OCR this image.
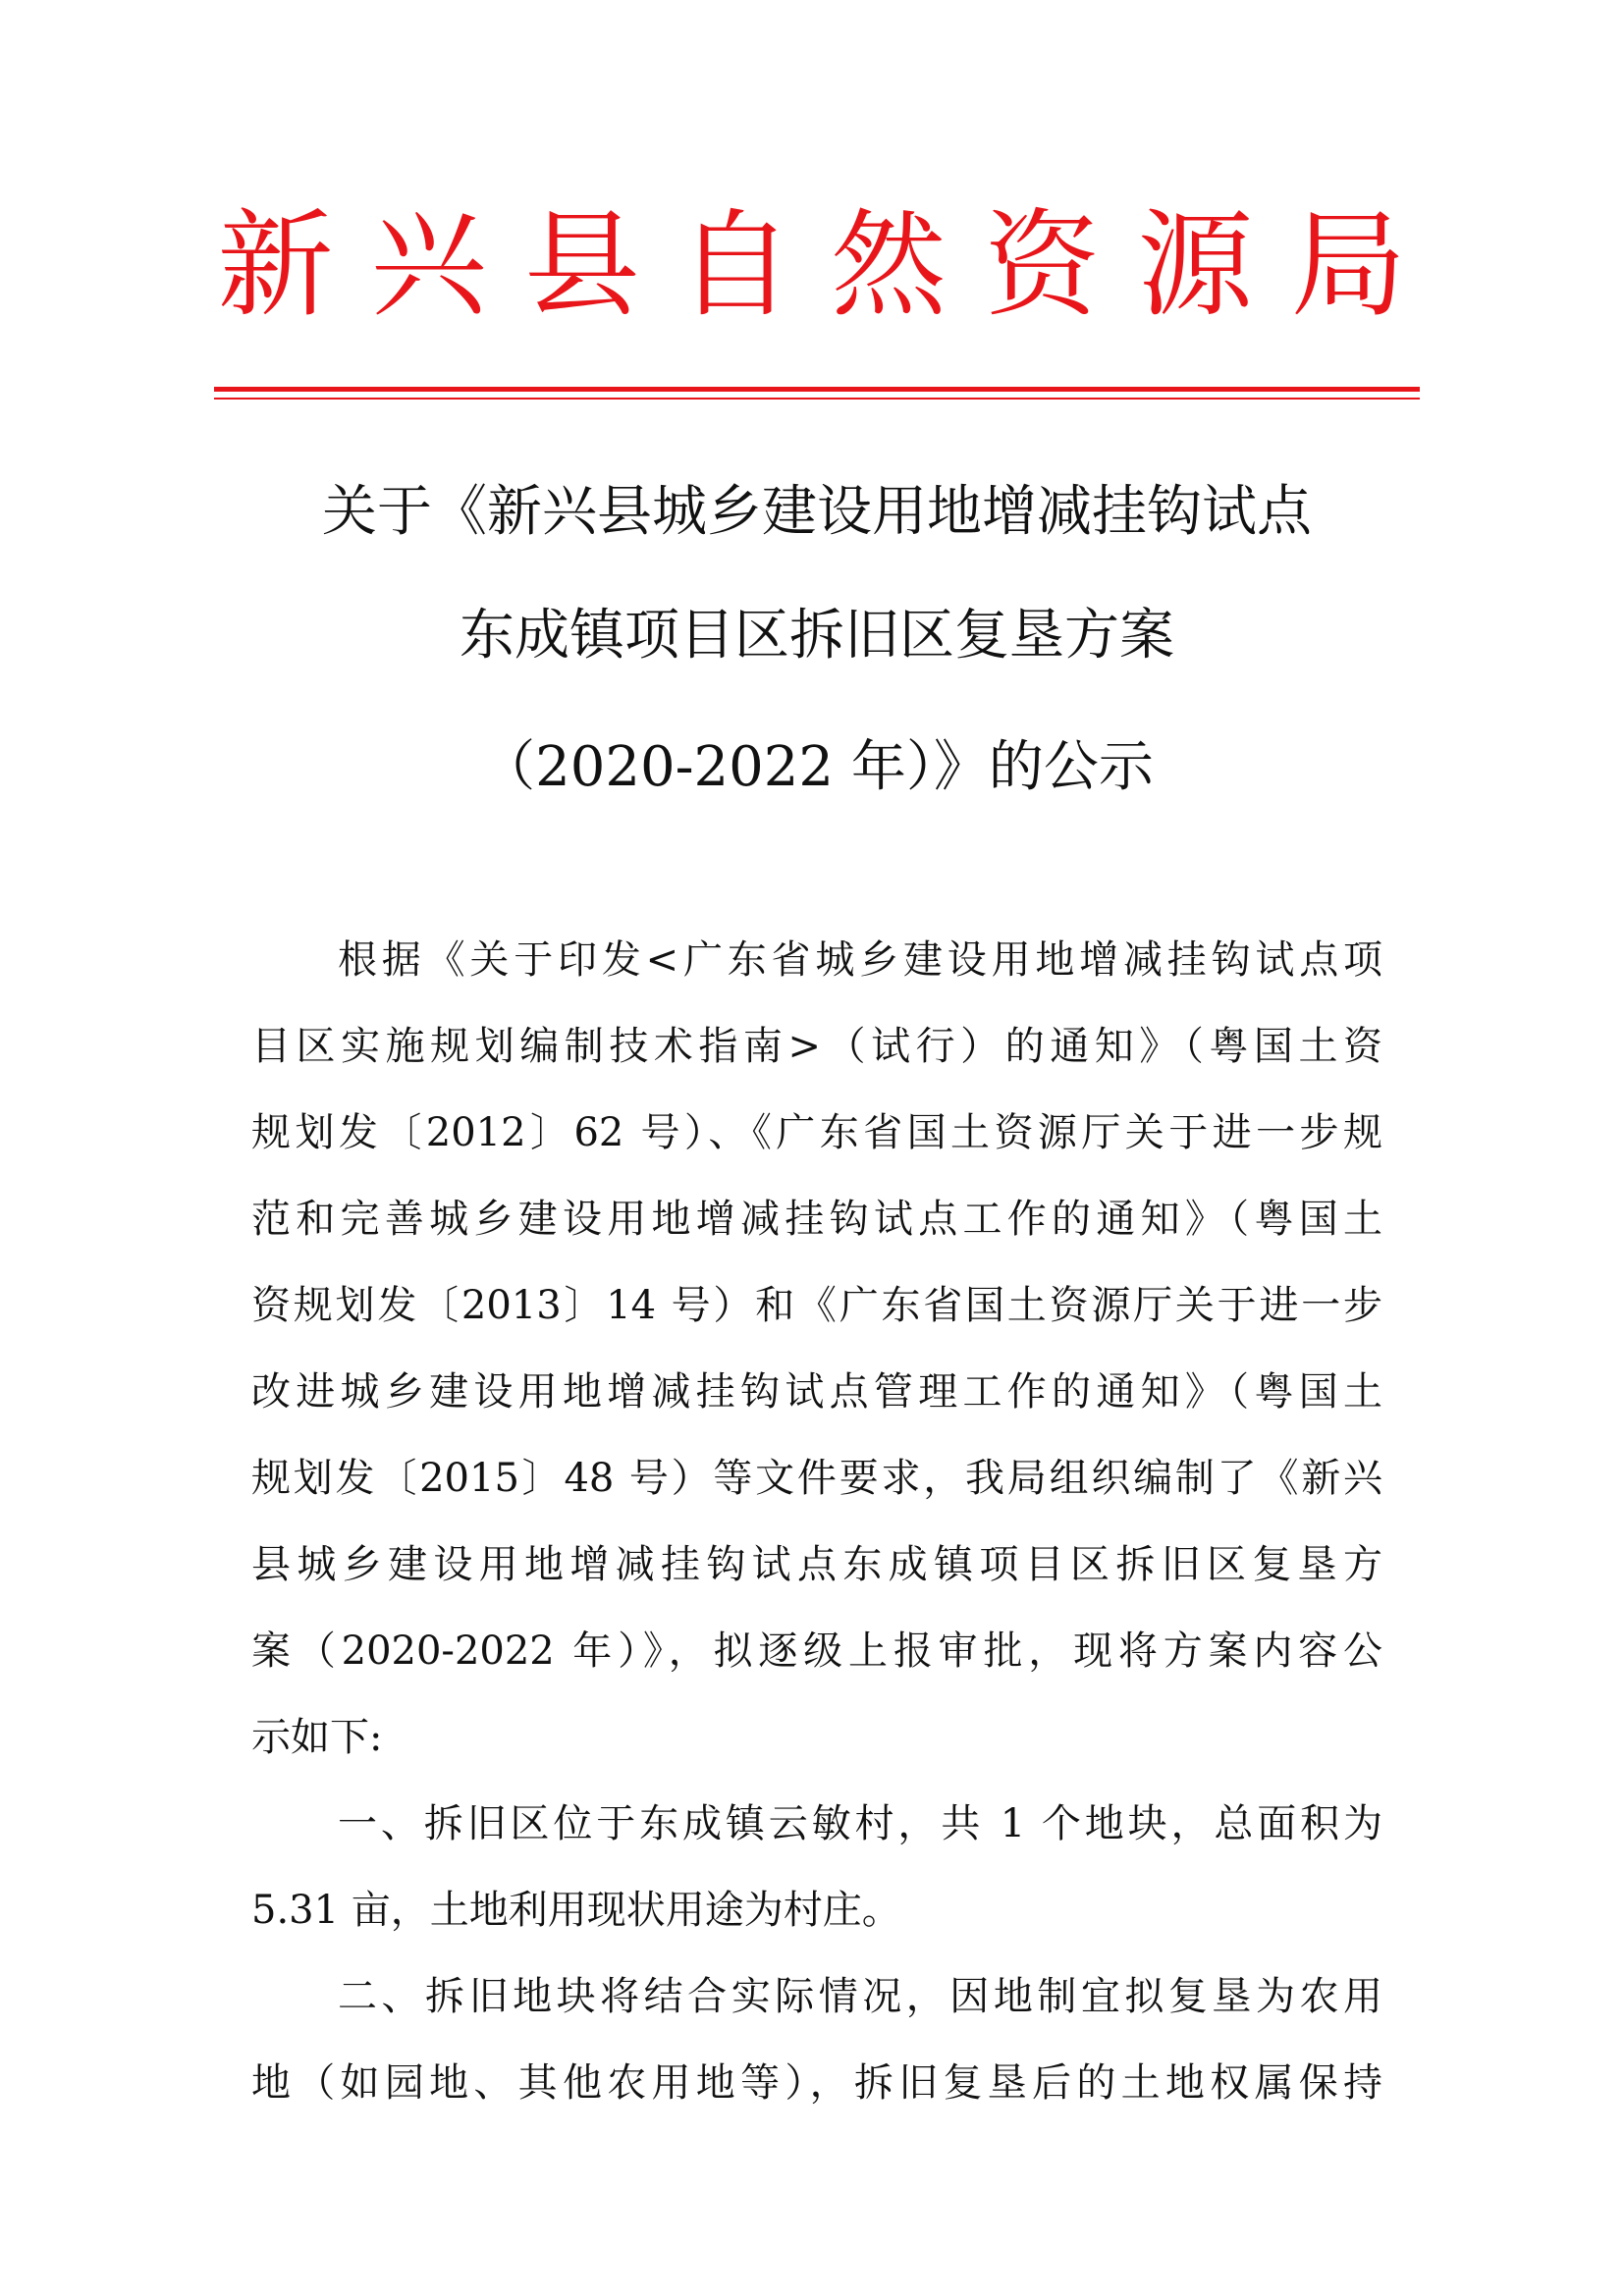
新 兴 县 自 然 资 源 局
关于《新兴县城乡建设用地增减挂钩试点
东成镇项目区拆旧区复垦方案
（2020-2022 年）》的公示
根据《关于印发<广东省城乡建设用地增减挂钩试点项
目区实施规划编制技术指南>（试行）的通知》（粤国土资
规划发〔2012〕62 号）、《广东省国土资源厅关于进一步规
范和完善城乡建设用地增减挂钩试点工作的通知》（粤国土
资规划发〔2013〕14 号）和《广东省国土资源厅关于进一步
改进城乡建设用地增减挂钩试点管理工作的通知》（粤国土
规划发〔2015〕48 号）等文件要求，我局组织编制了《新兴
县城乡建设用地增减挂钩试点东成镇项目区拆旧区复垦方
案（2020-2022 年）》，拟逐级上报审批，现将方案内容公
示如下:
一、拆旧区位于东成镇云敏村，共 1 个地块，总面积为
5.31 亩，土地利用现状用途为村庄。
二、拆旧地块将结合实际情况，因地制宜拟复垦为农用
地（如园地、其他农用地等），拆旧复垦后的土地权属保持
